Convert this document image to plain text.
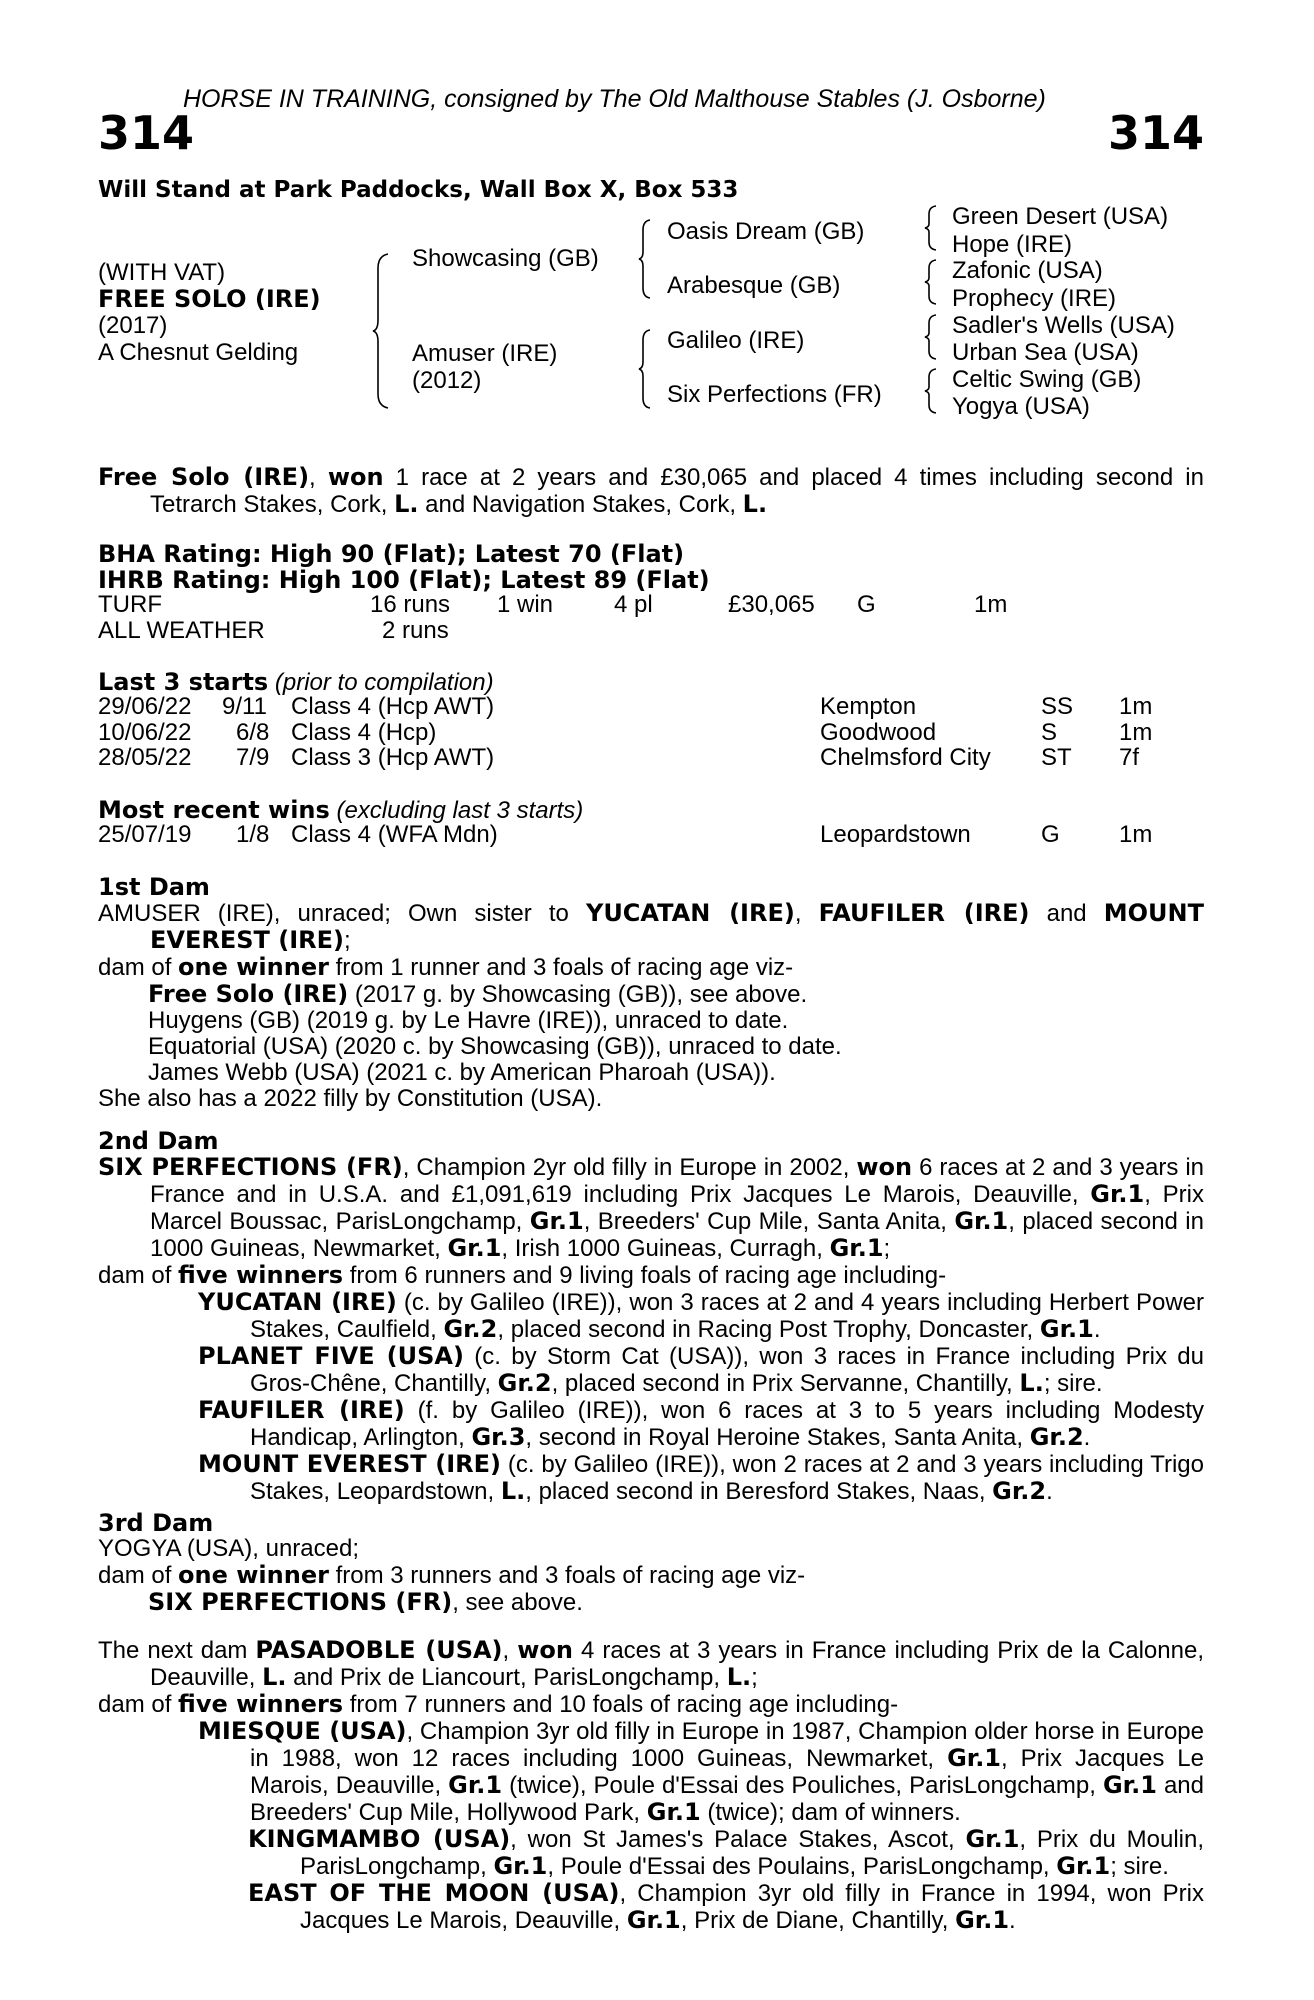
HORSE IN TRAINING, consigned by The Old Malthouse Stables (J. Osborne)
314	314
Will Stand at Park Paddocks, Wall Box X, Box 533
(WITH VAT)
FREE SOLO (IRE)
(2017)
A Chesnut Gelding
Showcasing (GB)
Amuser (IRE)
(2012)
Oasis Dream (GB)
Arabesque (GB)
Galileo (IRE)
Six Perfections (FR)
Green Desert (USA)
Hope (IRE)
Zafonic (USA)
Prophecy (IRE)
Sadler's Wells (USA)
Urban Sea (USA)
Celtic Swing (GB)
Yogya (USA)
Free Solo (IRE), won 1 race at 2 years and £30,065 and placed 4 times including second in Tetrarch Stakes, Cork, L. and Navigation Stakes, Cork, L.
BHA Rating: High 90 (Flat); Latest 70 (Flat)
IHRB Rating: High 100 (Flat); Latest 89 (Flat)
TURF	16 runs 1 win	4 pl	£30,065 G	1m
ALL WEATHER	2 runs
Last 3 starts (prior to compilation)
29/06/22 9/11 Class 4 (Hcp AWT)	Kempton	SS 1m
10/06/22 6/8 Class 4 (Hcp)	Goodwood	S	1m
28/05/22 7/9 Class 3 (Hcp AWT)	Chelmsford City ST 7f
Most recent wins (excluding last 3 starts)
25/07/19 1/8 Class 4 (WFA Mdn)	Leopardstown	G 1m
1st Dam
AMUSER (IRE), unraced; Own sister to YUCATAN (IRE), FAUFILER (IRE) and MOUNT EVEREST (IRE);
dam of one winner from 1 runner and 3 foals of racing age viz-
Free Solo (IRE) (2017 g. by Showcasing (GB)), see above.
Huygens (GB) (2019 g. by Le Havre (IRE)), unraced to date.
Equatorial (USA) (2020 c. by Showcasing (GB)), unraced to date.
James Webb (USA) (2021 c. by American Pharoah (USA)).
She also has a 2022 filly by Constitution (USA).
2nd Dam
SIX PERFECTIONS (FR), Champion 2yr old filly in Europe in 2002, won 6 races at 2 and 3 years in France and in U.S.A. and £1,091,619 including Prix Jacques Le Marois, Deauville, Gr.1, Prix Marcel Boussac, ParisLongchamp, Gr.1, Breeders' Cup Mile, Santa Anita, Gr.1, placed second in 1000 Guineas, Newmarket, Gr.1, Irish 1000 Guineas, Curragh, Gr.1;
dam of five winners from 6 runners and 9 living foals of racing age including-
YUCATAN (IRE) (c. by Galileo (IRE)), won 3 races at 2 and 4 years including Herbert Power Stakes, Caulfield, Gr.2, placed second in Racing Post Trophy, Doncaster, Gr.1.
PLANET FIVE (USA) (c. by Storm Cat (USA)), won 3 races in France including Prix du Gros-Chêne, Chantilly, Gr.2, placed second in Prix Servanne, Chantilly, L.; sire.
FAUFILER (IRE) (f. by Galileo (IRE)), won 6 races at 3 to 5 years including Modesty Handicap, Arlington, Gr.3, second in Royal Heroine Stakes, Santa Anita, Gr.2.
MOUNT EVEREST (IRE) (c. by Galileo (IRE)), won 2 races at 2 and 3 years including Trigo Stakes, Leopardstown, L., placed second in Beresford Stakes, Naas, Gr.2.
3rd Dam
YOGYA (USA), unraced;
dam of one winner from 3 runners and 3 foals of racing age viz-
SIX PERFECTIONS (FR), see above.
The next dam PASADOBLE (USA), won 4 races at 3 years in France including Prix de la Calonne, Deauville, L. and Prix de Liancourt, ParisLongchamp, L.;
dam of five winners from 7 runners and 10 foals of racing age including-
MIESQUE (USA), Champion 3yr old filly in Europe in 1987, Champion older horse in Europe in 1988, won 12 races including 1000 Guineas, Newmarket, Gr.1, Prix Jacques Le Marois, Deauville, Gr.1 (twice), Poule d'Essai des Pouliches, ParisLongchamp, Gr.1 and Breeders' Cup Mile, Hollywood Park, Gr.1 (twice); dam of winners.
KINGMAMBO (USA), won St James's Palace Stakes, Ascot, Gr.1, Prix du Moulin, ParisLongchamp, Gr.1, Poule d'Essai des Poulains, ParisLongchamp, Gr.1; sire.
EAST OF THE MOON (USA), Champion 3yr old filly in France in 1994, won Prix Jacques Le Marois, Deauville, Gr.1, Prix de Diane, Chantilly, Gr.1.
